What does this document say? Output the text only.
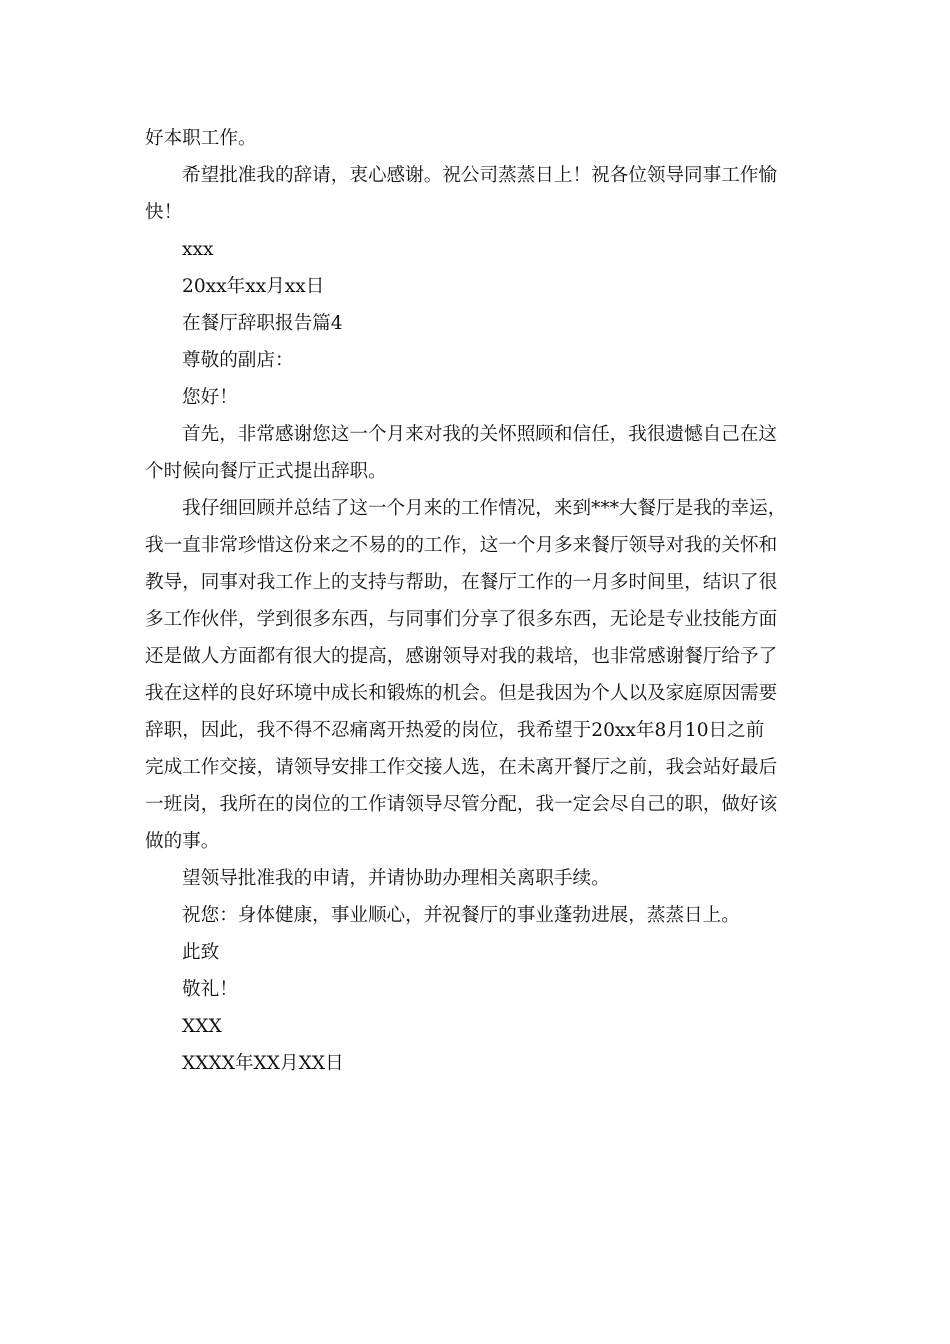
好本职工作。
希望批准我的辞请，衷心感谢。祝公司蒸蒸日上！祝各位领导同事工作愉
快！
xxx
20xx年xx月xx日
在餐厅辞职报告篇4
尊敬的副店：
您好！
首先，非常感谢您这一个月来对我的关怀照顾和信任，我很遗憾自己在这
个时候向餐厅正式提出辞职。
我仔细回顾并总结了这一个月来的工作情况，来到***大餐厅是我的幸运，
我一直非常珍惜这份来之不易的的工作，这一个月多来餐厅领导对我的关怀和
教导，同事对我工作上的支持与帮助，在餐厅工作的一月多时间里，结识了很
多工作伙伴，学到很多东西，与同事们分享了很多东西，无论是专业技能方面
还是做人方面都有很大的提高，感谢领导对我的栽培，也非常感谢餐厅给予了
我在这样的良好环境中成长和锻炼的机会。但是我因为个人以及家庭原因需要
辞职，因此，我不得不忍痛离开热爱的岗位，我希望于20xx年8月10日之前
完成工作交接，请领导安排工作交接人选，在未离开餐厅之前，我会站好最后
一班岗，我所在的岗位的工作请领导尽管分配，我一定会尽自己的职，做好该
做的事。
望领导批准我的申请，并请协助办理相关离职手续。
祝您：身体健康，事业顺心，并祝餐厅的事业蓬勃进展，蒸蒸日上。
此致
敬礼！
XXX
XXXX年XX月XX日
